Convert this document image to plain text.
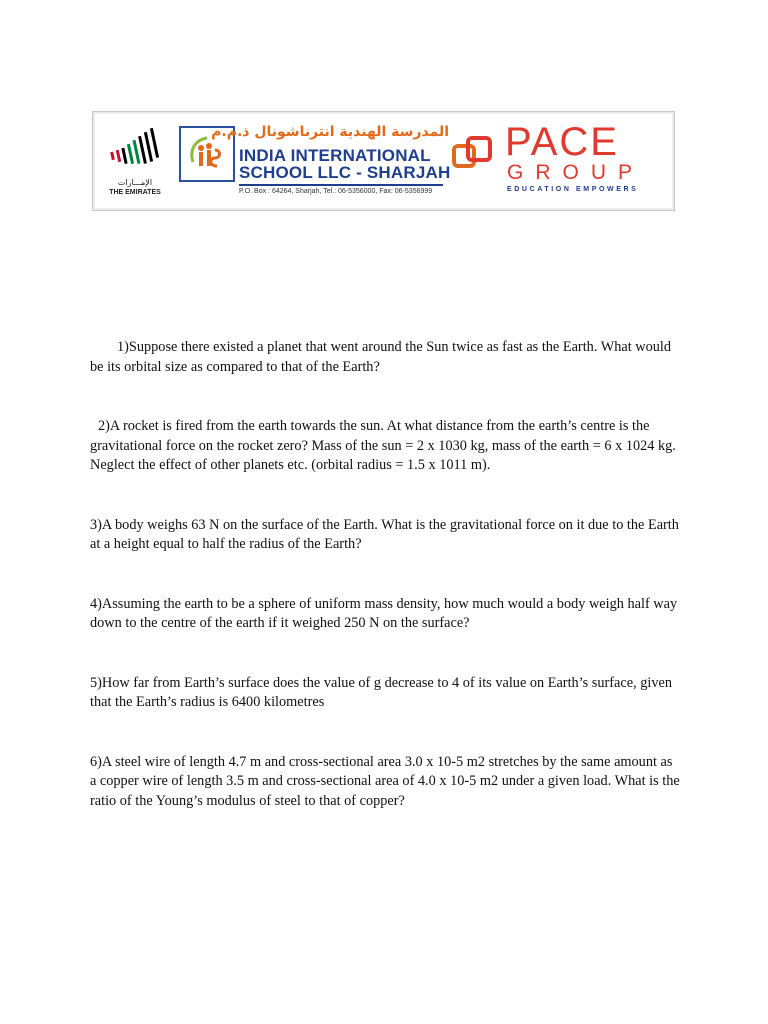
الإمـــارات
THE EMIRATES
المدرسة الهندية انترناشونال ذ.م.م
INDIA INTERNATIONAL
SCHOOL LLC - SHARJAH
P.O. Box : 64264, Sharjah, Tel.: 06-5356000, Fax: 06-5356999
PACE
GROUP
EDUCATION EMPOWERS

1)Suppose there existed a planet that went around the Sun twice as fast as the Earth. What would be its orbital size as compared to that of the Earth?

2)A rocket is fired from the earth towards the sun. At what distance from the earth’s centre is the gravitational force on the rocket zero? Mass of the sun = 2 x 1030 kg, mass of the earth = 6 x 1024 kg. Neglect the effect of other planets etc. (orbital radius = 1.5 x 1011 m).

3)A body weighs 63 N on the surface of the Earth. What is the gravitational force on it due to the Earth at a height equal to half the radius of the Earth?

4)Assuming the earth to be a sphere of uniform mass density, how much would a body weigh half way down to the centre of the earth if it weighed 250 N on the surface?

5)How far from Earth’s surface does the value of g decrease to 4 of its value on Earth’s surface, given that the Earth’s radius is 6400 kilometres

6)A steel wire of length 4.7 m and cross-sectional area 3.0 x 10-5 m2 stretches by the same amount as a copper wire of length 3.5 m and cross-sectional area of 4.0 x 10-5 m2 under a given load. What is the ratio of the Young’s modulus of steel to that of copper?
